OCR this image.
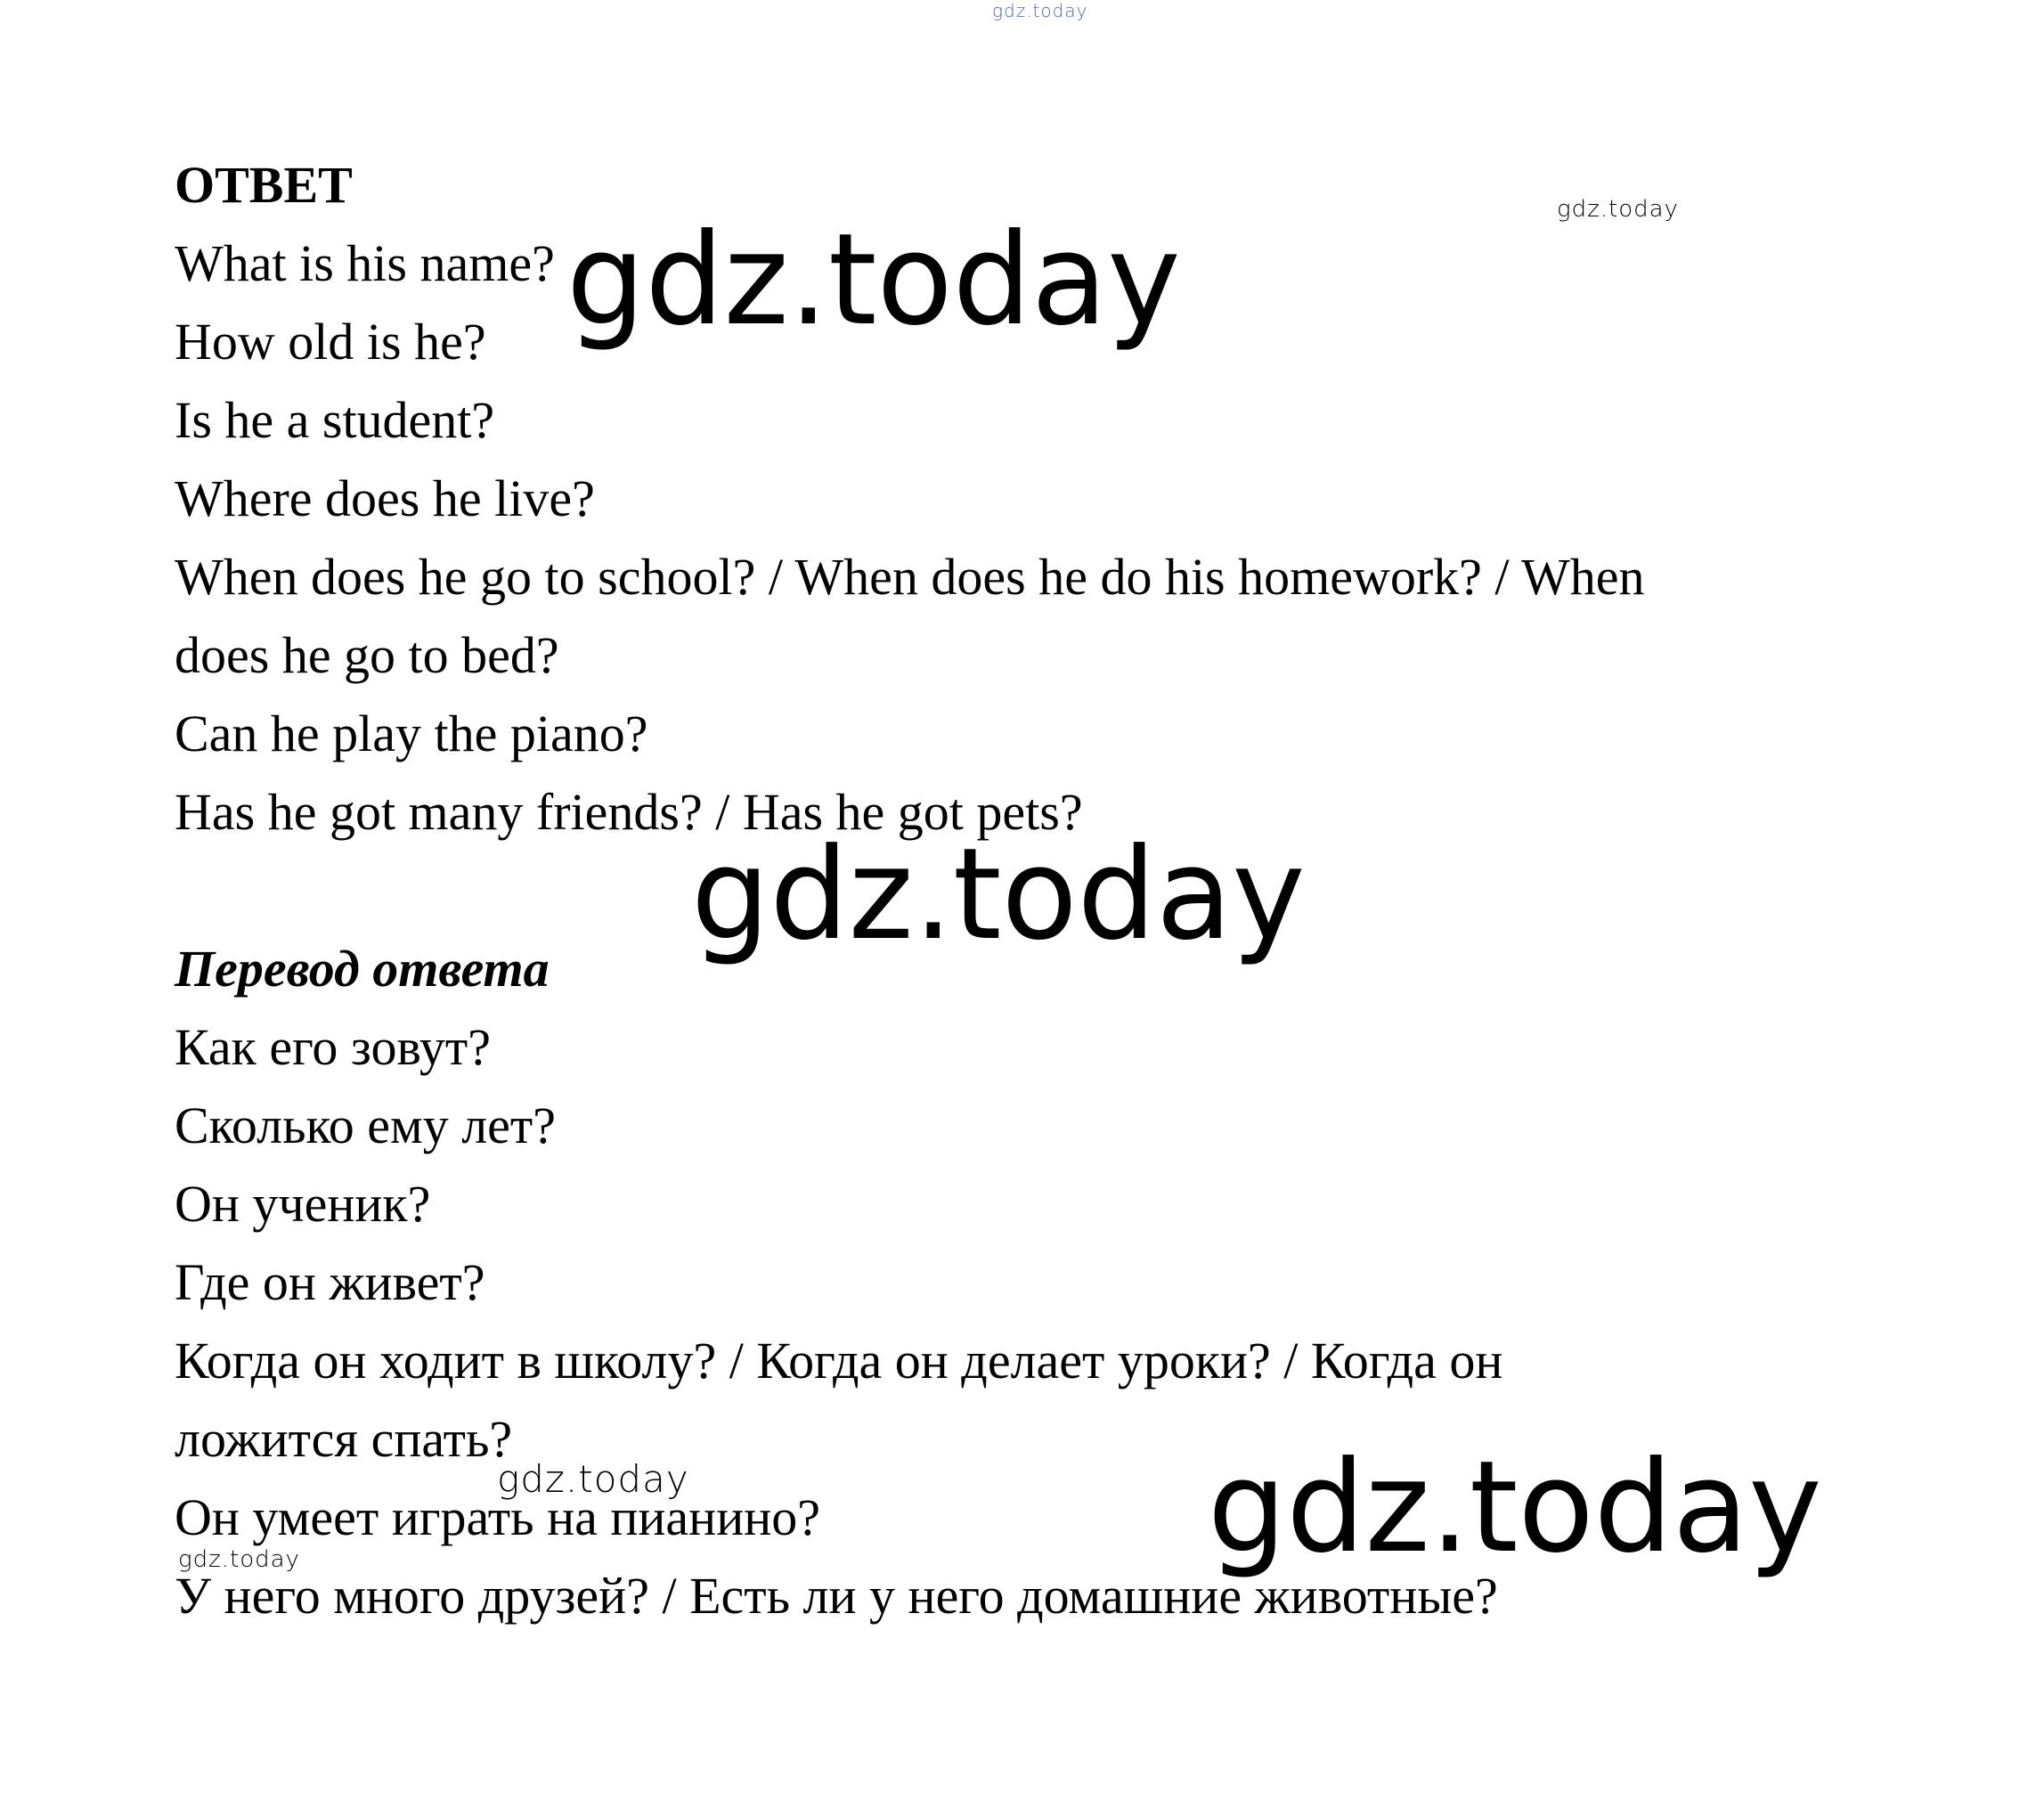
ОТВЕТ
What is his name?
How old is he?
Is he a student?
Where does he live?
When does he go to school? / When does he do his homework? / When
does he go to bed?
Can he play the piano?
Has he got many friends? / Has he got pets?
Перевод ответа
Как его зовут?
Сколько ему лет?
Он ученик?
Где он живет?
Когда он ходит в школу? / Когда он делает уроки? / Когда он
ложится спать?
Он умеет играть на пианино?
У него много друзей? / Есть ли у него домашние животные?
gdz.today
gdz.today
gdz.today
gdz.today
gdz.today
gdz.today
gdz.today
